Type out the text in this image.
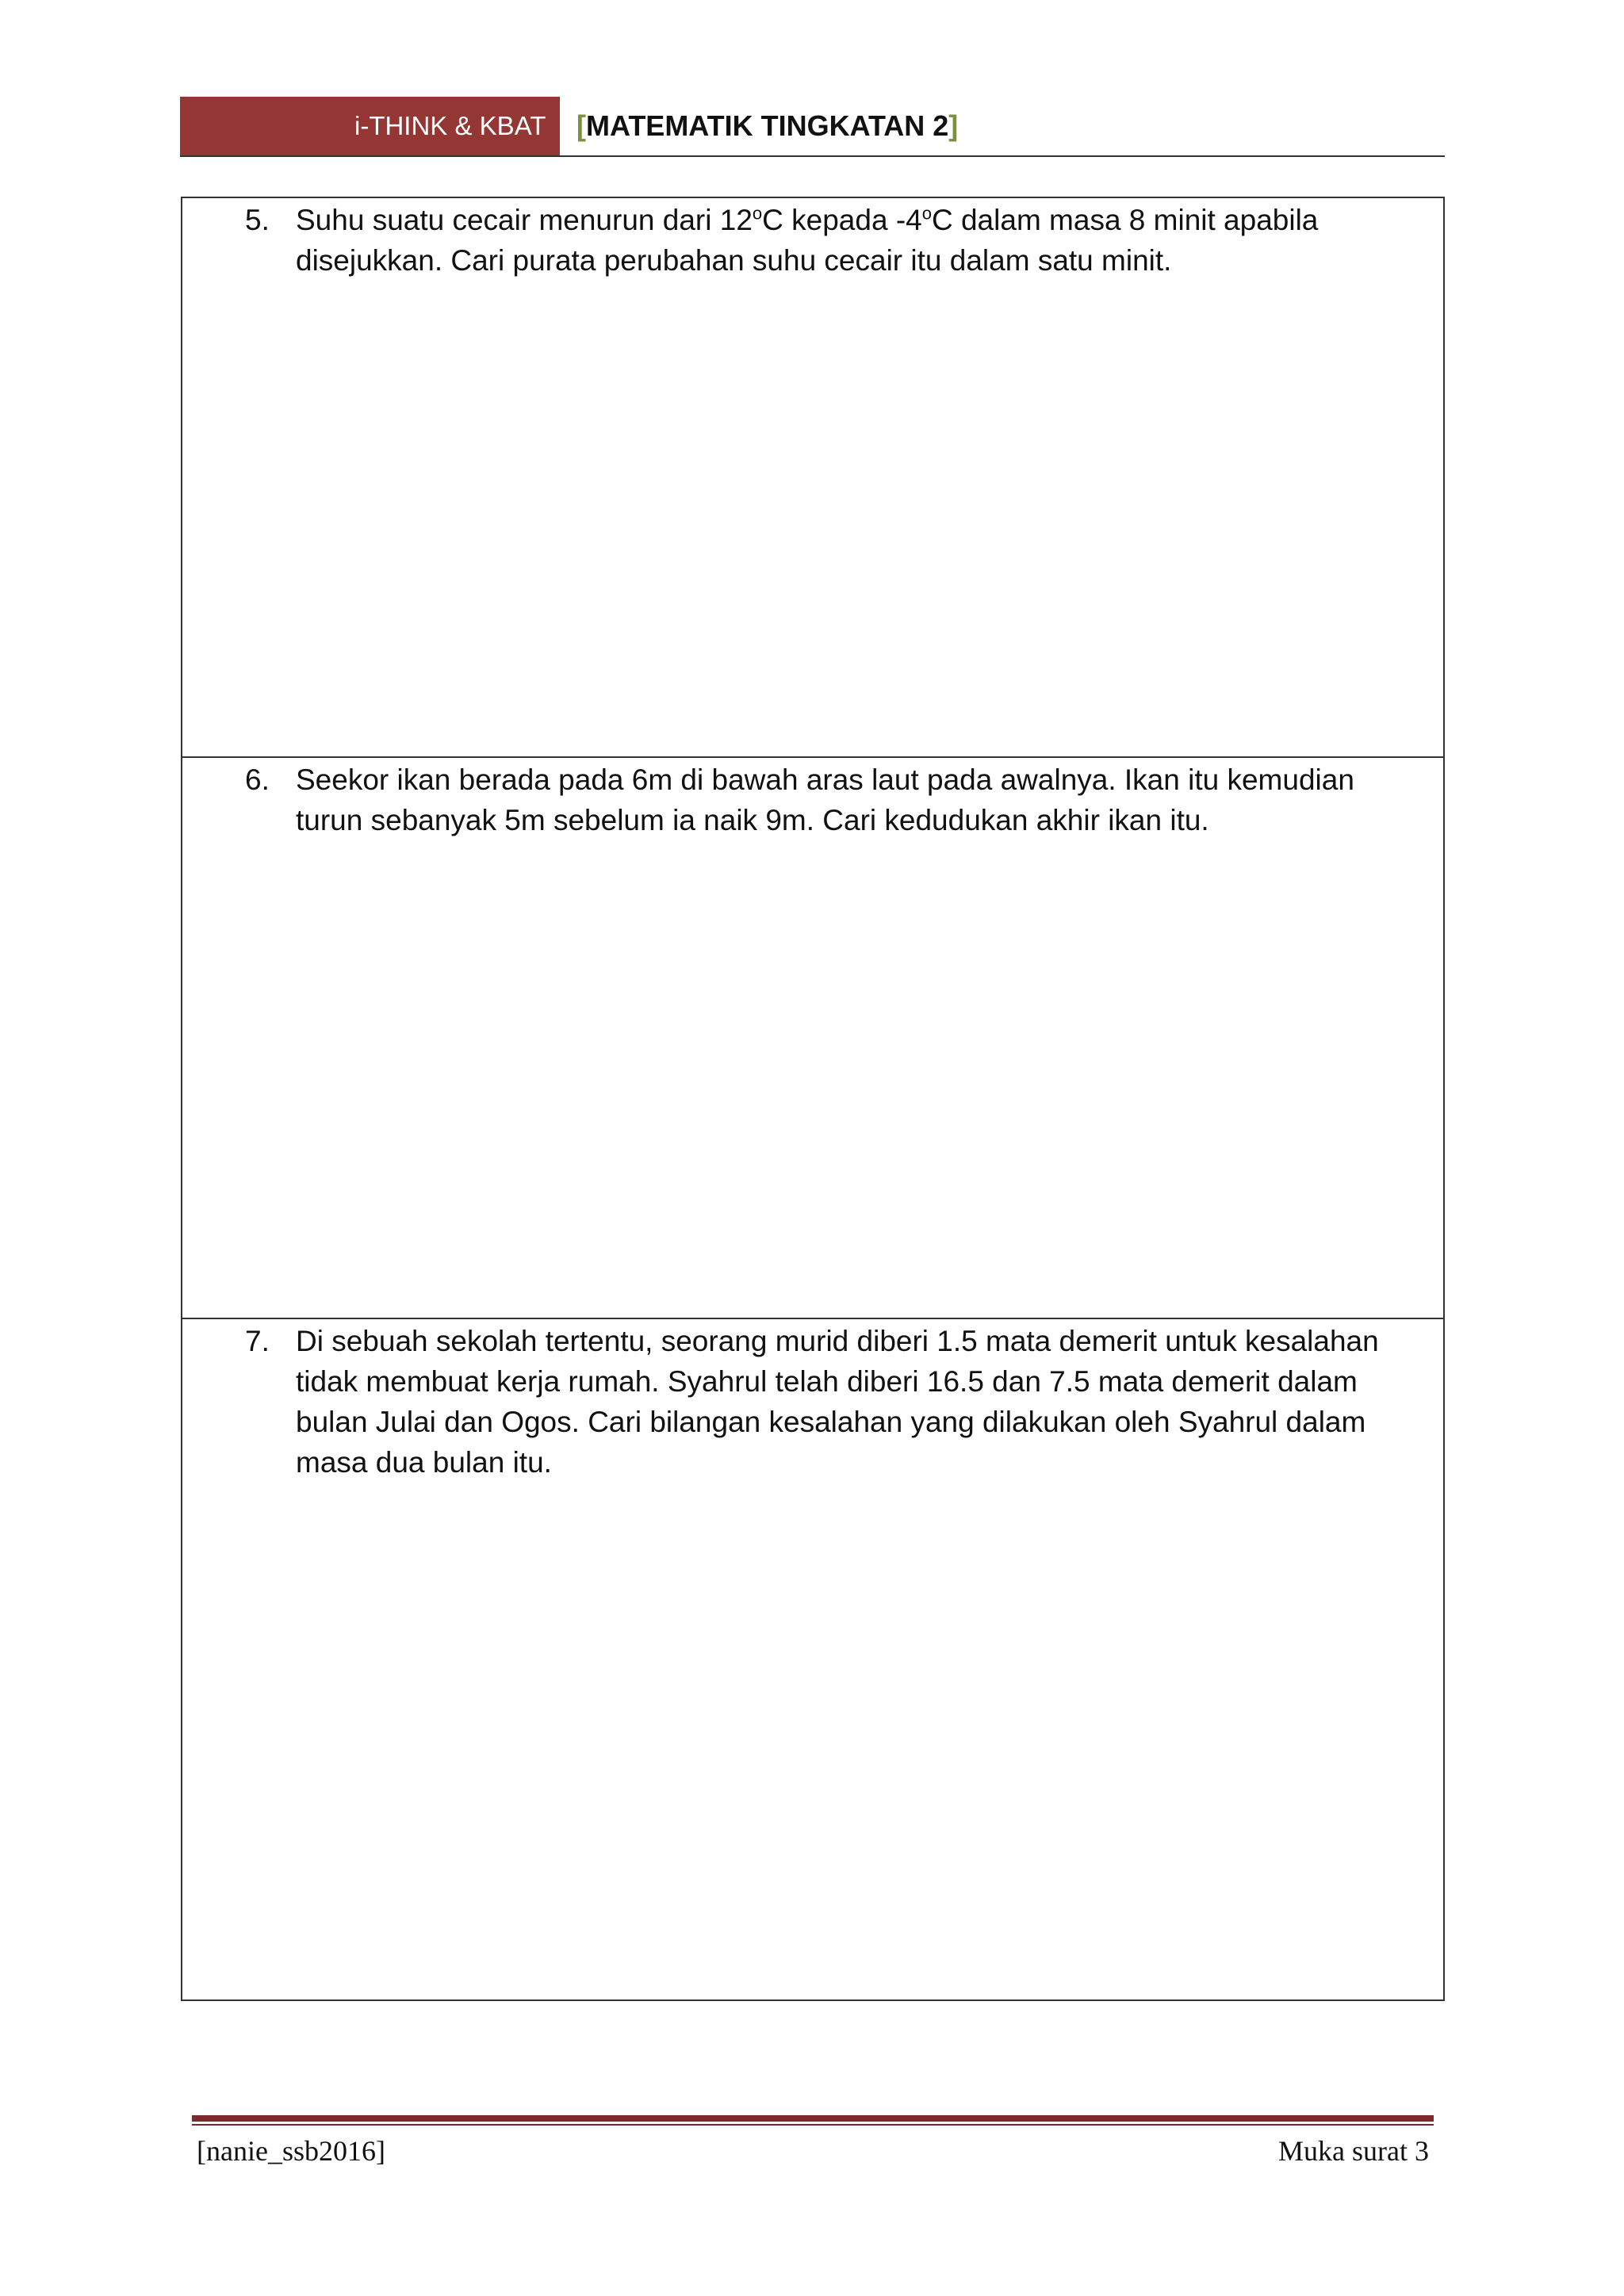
i-THINK & KBAT	[MATEMATIK TINGKATAN 2]
5. Suhu suatu cecair menurun dari 12$^o$C kepada -4$^o$C dalam masa 8 minit apabila disejukkan. Cari purata perubahan suhu cecair itu dalam satu minit.
6. Seekor ikan berada pada 6m di bawah aras laut pada awalnya. Ikan itu kemudian turun sebanyak 5m sebelum ia naik 9m. Cari kedudukan akhir ikan itu.
7. Di sebuah sekolah tertentu, seorang murid diberi 1.5 mata demerit untuk kesalahan tidak membuat kerja rumah. Syahrul telah diberi 16.5 dan 7.5 mata demerit dalam bulan Julai dan Ogos. Cari bilangan kesalahan yang dilakukan oleh Syahrul dalam masa dua bulan itu.
[nanie_ssb2016]	Muka surat 3
